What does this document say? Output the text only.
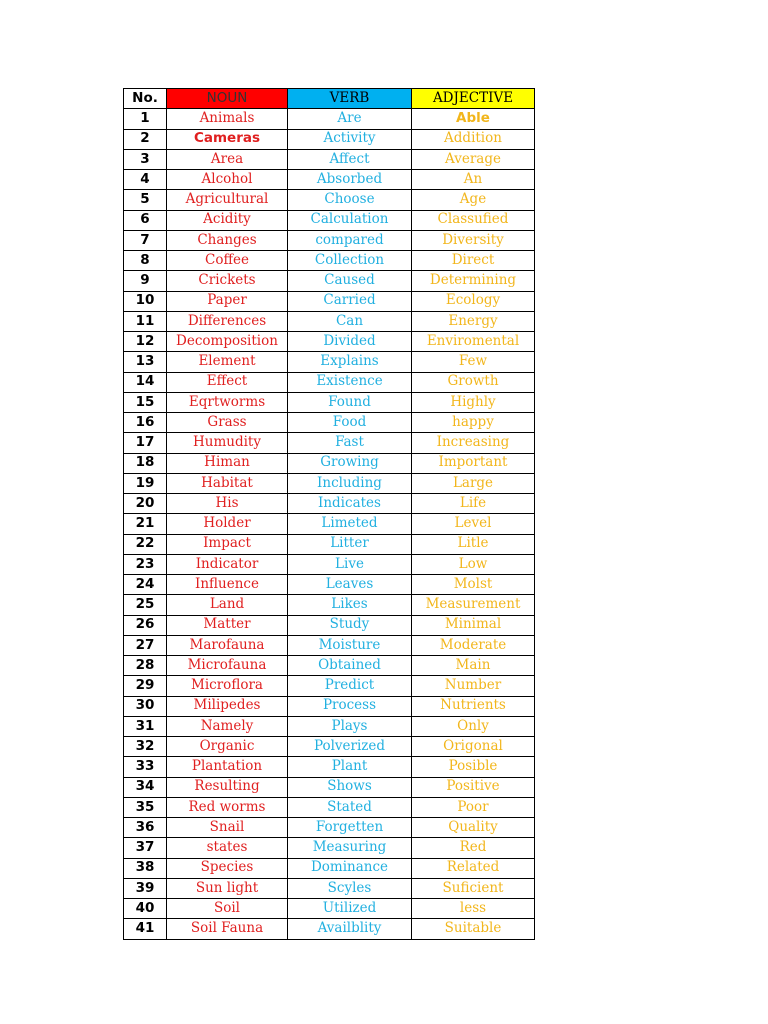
No.	NOUN	VERB	ADJECTIVE
1	Animals	Are	Able
2	Cameras	Activity	Addition
3	Area	Affect	Average
4	Alcohol	Absorbed	An
5	Agricultural	Choose	Age
6	Acidity	Calculation	Classufied
7	Changes	compared	Diversity
8	Coffee	Collection	Direct
9	Crickets	Caused	Determining
10	Paper	Carried	Ecology
11	Differences	Can	Energy
12	Decomposition	Divided	Enviromental
13	Element	Explains	Few
14	Effect	Existence	Growth
15	Eqrtworms	Found	Highly
16	Grass	Food	happy
17	Humudity	Fast	Increasing
18	Himan	Growing	Important
19	Habitat	Including	Large
20	His	Indicates	Life
21	Holder	Limeted	Level
22	Impact	Litter	Litle
23	Indicator	Live	Low
24	Influence	Leaves	Molst
25	Land	Likes	Measurement
26	Matter	Study	Minimal
27	Marofauna	Moisture	Moderate
28	Microfauna	Obtained	Main
29	Microflora	Predict	Number
30	Milipedes	Process	Nutrients
31	Namely	Plays	Only
32	Organic	Polverized	Origonal
33	Plantation	Plant	Posible
34	Resulting	Shows	Positive
35	Red worms	Stated	Poor
36	Snail	Forgetten	Quality
37	states	Measuring	Red
38	Species	Dominance	Related
39	Sun light	Scyles	Suficient
40	Soil	Utilized	less
41	Soil Fauna	Availblity	Suitable
